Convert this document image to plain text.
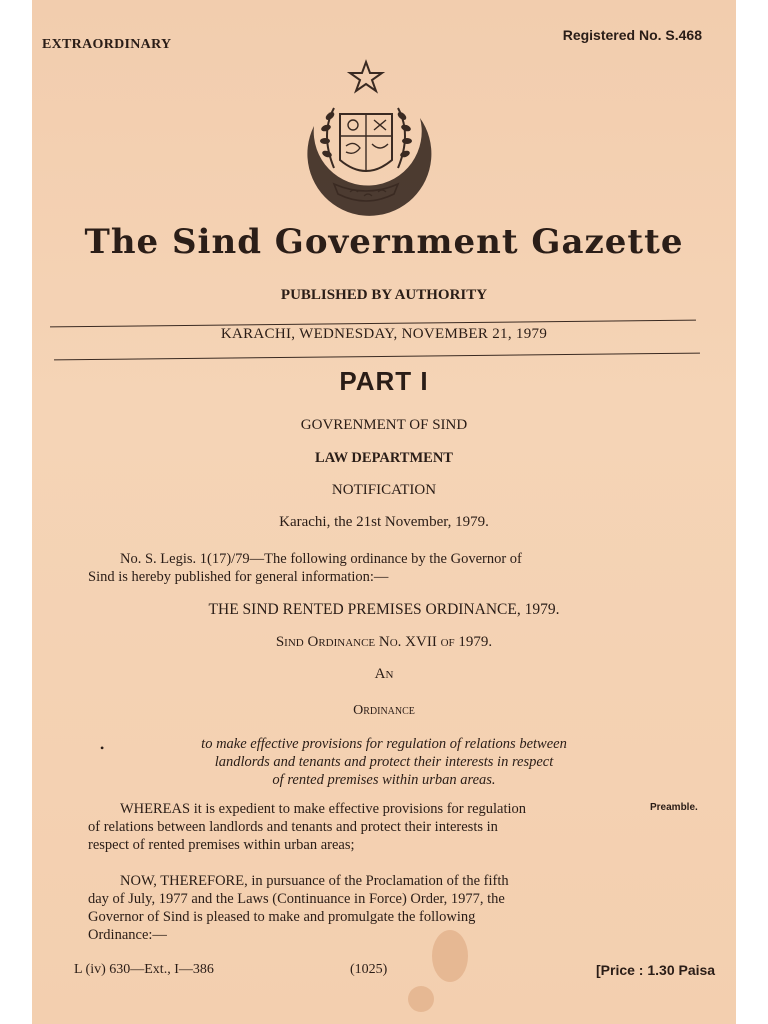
EXTRAORDINARY
Registered No. S.468
The Sind Government Gazette
PUBLISHED BY AUTHORITY
KARACHI, WEDNESDAY, NOVEMBER 21, 1979
PART I
GOVRENMENT OF SIND
LAW DEPARTMENT
NOTIFICATION
Karachi, the 21st November, 1979.
No. S. Legis. 1(17)/79—The following ordinance by the Governor of
Sind is hereby published for general information:—
THE SIND RENTED PREMISES ORDINANCE, 1979.
Sind Ordinance No. XVII of 1979.
An
Ordinance
•	to make effective provisions for regulation of relations between
landlords and tenants and protect their interests in respect
of rented premises within urban areas.
WHEREAS it is expedient to make effective provisions for regulation
of relations between landlords and tenants and protect their interests in
respect of rented premises within urban areas;
Preamble.
NOW, THEREFORE, in pursuance of the Proclamation of the fifth
day of July, 1977 and the Laws (Continuance in Force) Order, 1977, the
Governor of Sind is pleased to make and promulgate the following
Ordinance:—
L (iv) 630—Ext., I—386	(1025)	[Price : 1.30 Paisa
